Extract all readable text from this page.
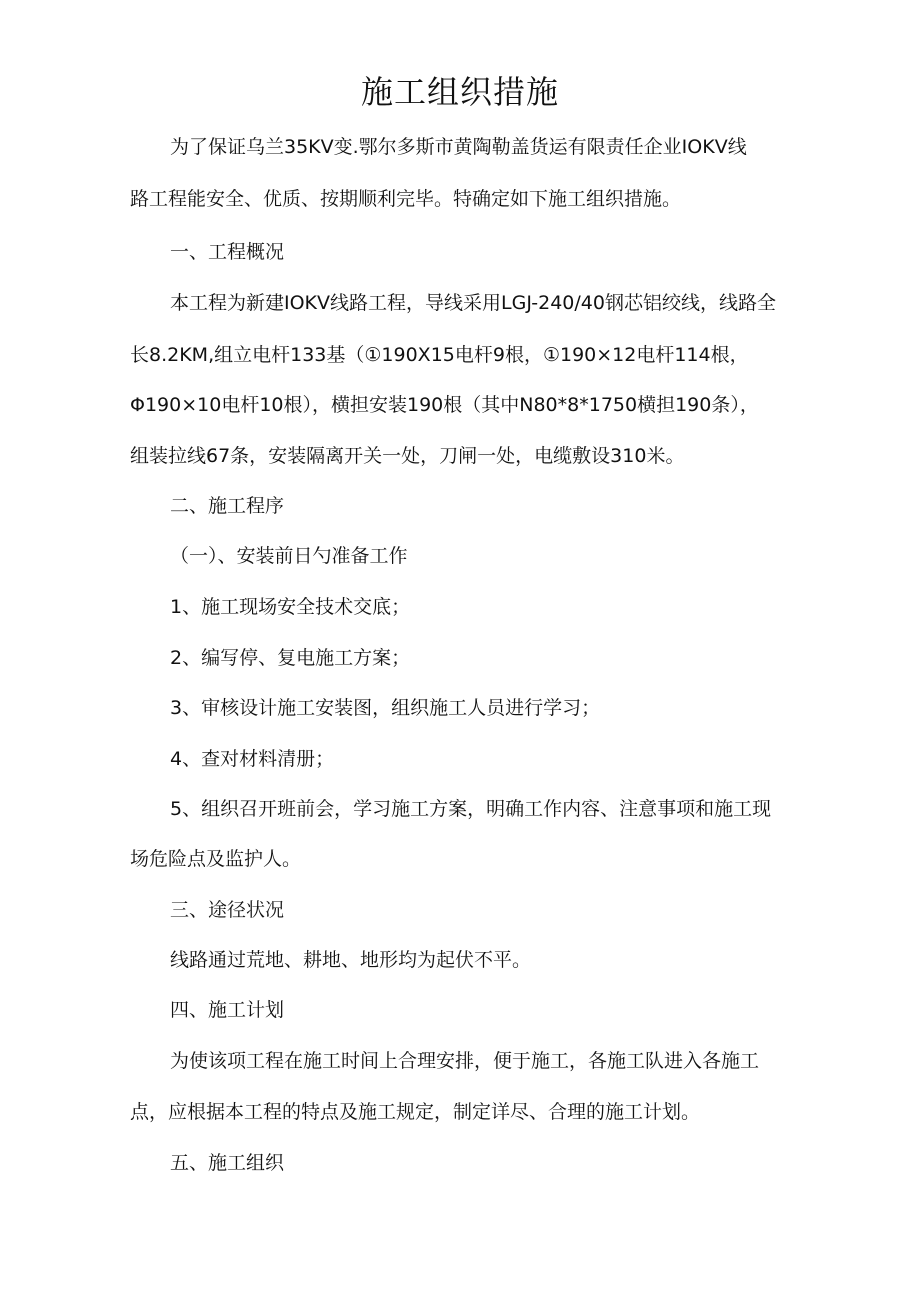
施工组织措施
为了保证乌兰35KV变.鄂尔多斯市黄陶勒盖货运有限责任企业IOKV线
路工程能安全、优质、按期顺利完毕。特确定如下施工组织措施。
一、工程概况
本工程为新建IOKV线路工程，导线采用LGJ-240/40钢芯铝绞线，线路全
长8.2KM,组立电杆133基（①190X15电杆9根，①190×12电杆114根，
Φ190×10电杆10根），横担安装190根（其中N80*8*1750横担190条），
组装拉线67条，安装隔离开关一处，刀闸一处，电缆敷设310米。
二、施工程序
（一）、安装前日勺准备工作
1、施工现场安全技术交底；
2、编写停、复电施工方案；
3、审核设计施工安装图，组织施工人员进行学习；
4、查对材料清册；
5、组织召开班前会，学习施工方案，明确工作内容、注意事项和施工现
场危险点及监护人。
三、途径状况
线路通过荒地、耕地、地形均为起伏不平。
四、施工计划
为使该项工程在施工时间上合理安排，便于施工，各施工队进入各施工
点，应根据本工程的特点及施工规定，制定详尽、合理的施工计划。
五、施工组织
